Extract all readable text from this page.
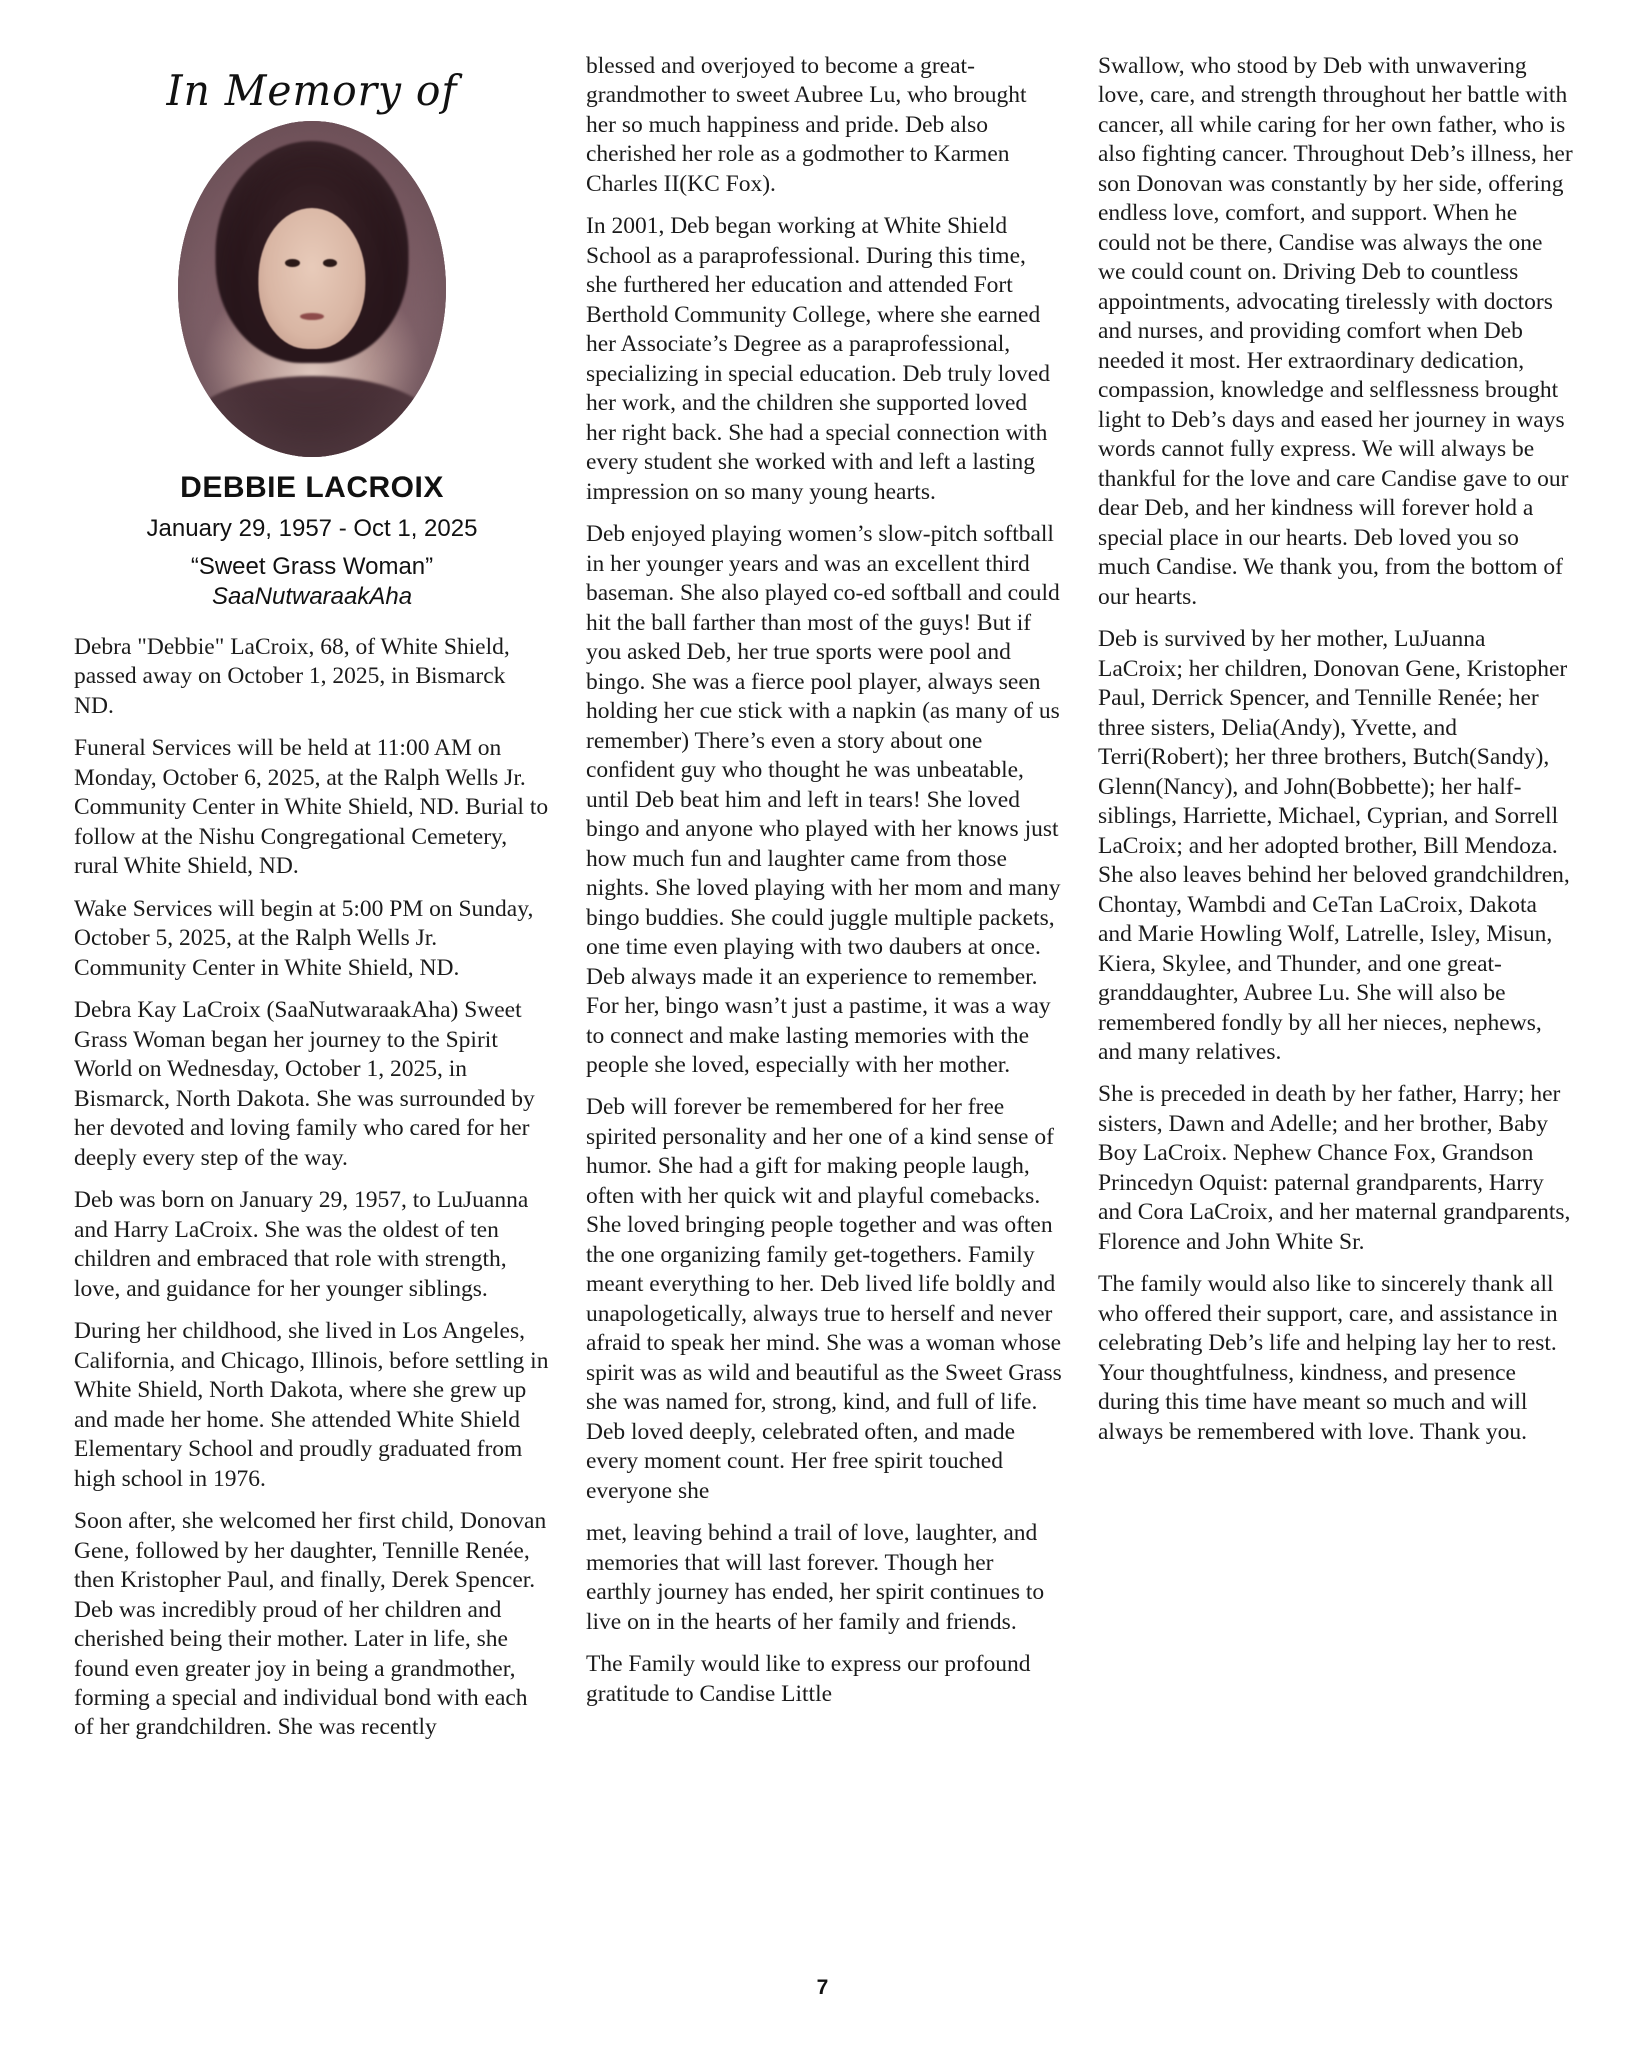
In Memory of
DEBBIE LACROIX
January 29, 1957 - Oct 1, 2025
“Sweet Grass Woman”
SaaNutwaraakAha

Debra "Debbie" LaCroix, 68, of White Shield, passed away on October 1, 2025, in Bismarck ND.

Funeral Services will be held at 11:00 AM on Monday, October 6, 2025, at the Ralph Wells Jr. Community Center in White Shield, ND. Burial to follow at the Nishu Congregational Cemetery, rural White Shield, ND.

Wake Services will begin at 5:00 PM on Sunday, October 5, 2025, at the Ralph Wells Jr. Community Center in White Shield, ND.

Debra Kay LaCroix (SaaNutwaraakAha) Sweet Grass Woman began her journey to the Spirit World on Wednesday, October 1, 2025, in Bismarck, North Dakota. She was surrounded by her devoted and loving family who cared for her deeply every step of the way.

Deb was born on January 29, 1957, to LuJuanna and Harry LaCroix. She was the oldest of ten children and embraced that role with strength, love, and guidance for her younger siblings.

During her childhood, she lived in Los Angeles, California, and Chicago, Illinois, before settling in White Shield, North Dakota, where she grew up and made her home. She attended White Shield Elementary School and proudly graduated from high school in 1976.

Soon after, she welcomed her first child, Donovan Gene, followed by her daughter, Tennille Renée, then Kristopher Paul, and finally, Derek Spencer. Deb was incredibly proud of her children and cherished being their mother. Later in life, she found even greater joy in being a grandmother, forming a special and individual bond with each of her grandchildren. She was recently

blessed and overjoyed to become a great-grandmother to sweet Aubree Lu, who brought her so much happiness and pride. Deb also cherished her role as a godmother to Karmen Charles II(KC Fox).

In 2001, Deb began working at White Shield School as a paraprofessional. During this time, she furthered her education and attended Fort Berthold Community College, where she earned her Associate’s Degree as a paraprofessional, specializing in special education. Deb truly loved her work, and the children she supported loved her right back. She had a special connection with every student she worked with and left a lasting impression on so many young hearts.

Deb enjoyed playing women’s slow-pitch softball in her younger years and was an excellent third baseman. She also played co-ed softball and could hit the ball farther than most of the guys! But if you asked Deb, her true sports were pool and bingo. She was a fierce pool player, always seen holding her cue stick with a napkin (as many of us remember) There’s even a story about one confident guy who thought he was unbeatable, until Deb beat him and left in tears! She loved bingo and anyone who played with her knows just how much fun and laughter came from those nights. She loved playing with her mom and many bingo buddies. She could juggle multiple packets, one time even playing with two daubers at once. Deb always made it an experience to remember. For her, bingo wasn’t just a pastime, it was a way to connect and make lasting memories with the people she loved, especially with her mother.

Deb will forever be remembered for her free spirited personality and her one of a kind sense of humor. She had a gift for making people laugh, often with her quick wit and playful comebacks. She loved bringing people together and was often the one organizing family get-togethers. Family meant everything to her. Deb lived life boldly and unapologetically, always true to herself and never afraid to speak her mind. She was a woman whose spirit was as wild and beautiful as the Sweet Grass she was named for, strong, kind, and full of life. Deb loved deeply, celebrated often, and made every moment count. Her free spirit touched everyone she

met, leaving behind a trail of love, laughter, and memories that will last forever. Though her earthly journey has ended, her spirit continues to live on in the hearts of her family and friends.

The Family would like to express our profound gratitude to Candise Little

Swallow, who stood by Deb with unwavering love, care, and strength throughout her battle with cancer, all while caring for her own father, who is also fighting cancer. Throughout Deb’s illness, her son Donovan was constantly by her side, offering endless love, comfort, and support. When he could not be there, Candise was always the one we could count on. Driving Deb to countless appointments, advocating tirelessly with doctors and nurses, and providing comfort when Deb needed it most. Her extraordinary dedication, compassion, knowledge and selflessness brought light to Deb’s days and eased her journey in ways words cannot fully express. We will always be thankful for the love and care Candise gave to our dear Deb, and her kindness will forever hold a special place in our hearts. Deb loved you so much Candise. We thank you, from the bottom of our hearts.

Deb is survived by her mother, LuJuanna LaCroix; her children, Donovan Gene, Kristopher Paul, Derrick Spencer, and Tennille Renée; her three sisters, Delia(Andy), Yvette, and Terri(Robert); her three brothers, Butch(Sandy), Glenn(Nancy), and John(Bobbette); her half-siblings, Harriette, Michael, Cyprian, and Sorrell LaCroix; and her adopted brother, Bill Mendoza. She also leaves behind her beloved grandchildren, Chontay, Wambdi and CeTan LaCroix, Dakota and Marie Howling Wolf, Latrelle, Isley, Misun, Kiera, Skylee, and Thunder, and one great-granddaughter, Aubree Lu. She will also be remembered fondly by all her nieces, nephews, and many relatives.

She is preceded in death by her father, Harry; her sisters, Dawn and Adelle; and her brother, Baby Boy LaCroix. Nephew Chance Fox, Grandson Princedyn Oquist: paternal grandparents, Harry and Cora LaCroix, and her maternal grandparents, Florence and John White Sr.

The family would also like to sincerely thank all who offered their support, care, and assistance in celebrating Deb’s life and helping lay her to rest. Your thoughtfulness, kindness, and presence during this time have meant so much and will always be remembered with love. Thank you.

7
